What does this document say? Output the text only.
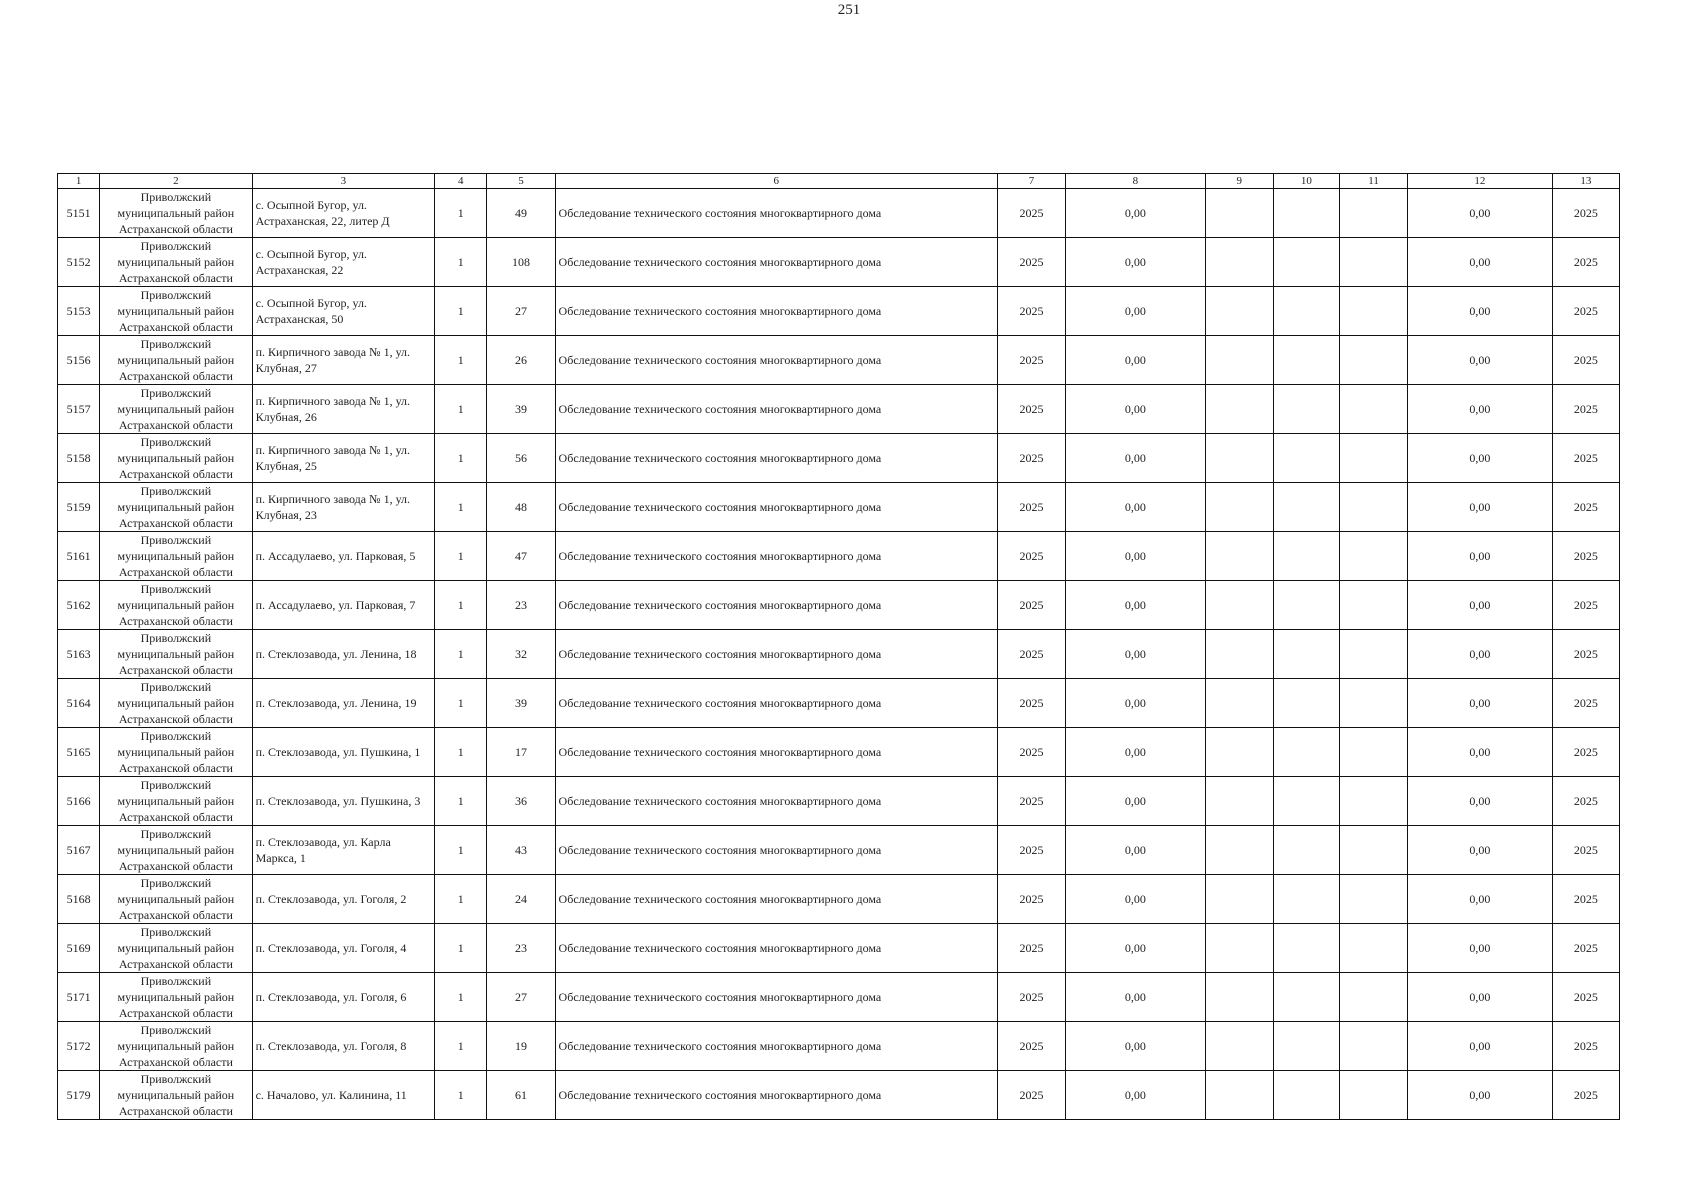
251
1	2	3	4	5	6	7	8	9	10	11	12	13
5151	Приволжский
муниципальный район
Астраханской области	с. Осыпной Бугор, ул. Астраханская, 22, литер Д	1	49	Обследование технического состояния многоквартирного дома	2025	0,00				0,00	2025
5152	Приволжский
муниципальный район
Астраханской области	с. Осыпной Бугор, ул. Астраханская, 22	1	108	Обследование технического состояния многоквартирного дома	2025	0,00				0,00	2025
5153	Приволжский
муниципальный район
Астраханской области	с. Осыпной Бугор, ул. Астраханская, 50	1	27	Обследование технического состояния многоквартирного дома	2025	0,00				0,00	2025
5156	Приволжский
муниципальный район
Астраханской области	п. Кирпичного завода № 1, ул. Клубная, 27	1	26	Обследование технического состояния многоквартирного дома	2025	0,00				0,00	2025
5157	Приволжский
муниципальный район
Астраханской области	п. Кирпичного завода № 1, ул. Клубная, 26	1	39	Обследование технического состояния многоквартирного дома	2025	0,00				0,00	2025
5158	Приволжский
муниципальный район
Астраханской области	п. Кирпичного завода № 1, ул. Клубная, 25	1	56	Обследование технического состояния многоквартирного дома	2025	0,00				0,00	2025
5159	Приволжский
муниципальный район
Астраханской области	п. Кирпичного завода № 1, ул. Клубная, 23	1	48	Обследование технического состояния многоквартирного дома	2025	0,00				0,00	2025
5161	Приволжский
муниципальный район
Астраханской области	п. Ассадулаево, ул. Парковая, 5	1	47	Обследование технического состояния многоквартирного дома	2025	0,00				0,00	2025
5162	Приволжский
муниципальный район
Астраханской области	п. Ассадулаево, ул. Парковая, 7	1	23	Обследование технического состояния многоквартирного дома	2025	0,00				0,00	2025
5163	Приволжский
муниципальный район
Астраханской области	п. Стеклозавода, ул. Ленина, 18	1	32	Обследование технического состояния многоквартирного дома	2025	0,00				0,00	2025
5164	Приволжский
муниципальный район
Астраханской области	п. Стеклозавода, ул. Ленина, 19	1	39	Обследование технического состояния многоквартирного дома	2025	0,00				0,00	2025
5165	Приволжский
муниципальный район
Астраханской области	п. Стеклозавода, ул. Пушкина, 1	1	17	Обследование технического состояния многоквартирного дома	2025	0,00				0,00	2025
5166	Приволжский
муниципальный район
Астраханской области	п. Стеклозавода, ул. Пушкина, 3	1	36	Обследование технического состояния многоквартирного дома	2025	0,00				0,00	2025
5167	Приволжский
муниципальный район
Астраханской области	п. Стеклозавода, ул. Карла Маркса, 1	1	43	Обследование технического состояния многоквартирного дома	2025	0,00				0,00	2025
5168	Приволжский
муниципальный район
Астраханской области	п. Стеклозавода, ул. Гоголя, 2	1	24	Обследование технического состояния многоквартирного дома	2025	0,00				0,00	2025
5169	Приволжский
муниципальный район
Астраханской области	п. Стеклозавода, ул. Гоголя, 4	1	23	Обследование технического состояния многоквартирного дома	2025	0,00				0,00	2025
5171	Приволжский
муниципальный район
Астраханской области	п. Стеклозавода, ул. Гоголя, 6	1	27	Обследование технического состояния многоквартирного дома	2025	0,00				0,00	2025
5172	Приволжский
муниципальный район
Астраханской области	п. Стеклозавода, ул. Гоголя, 8	1	19	Обследование технического состояния многоквартирного дома	2025	0,00				0,00	2025
5179	Приволжский
муниципальный район
Астраханской области	с. Началово, ул. Калинина, 11	1	61	Обследование технического состояния многоквартирного дома	2025	0,00				0,00	2025
